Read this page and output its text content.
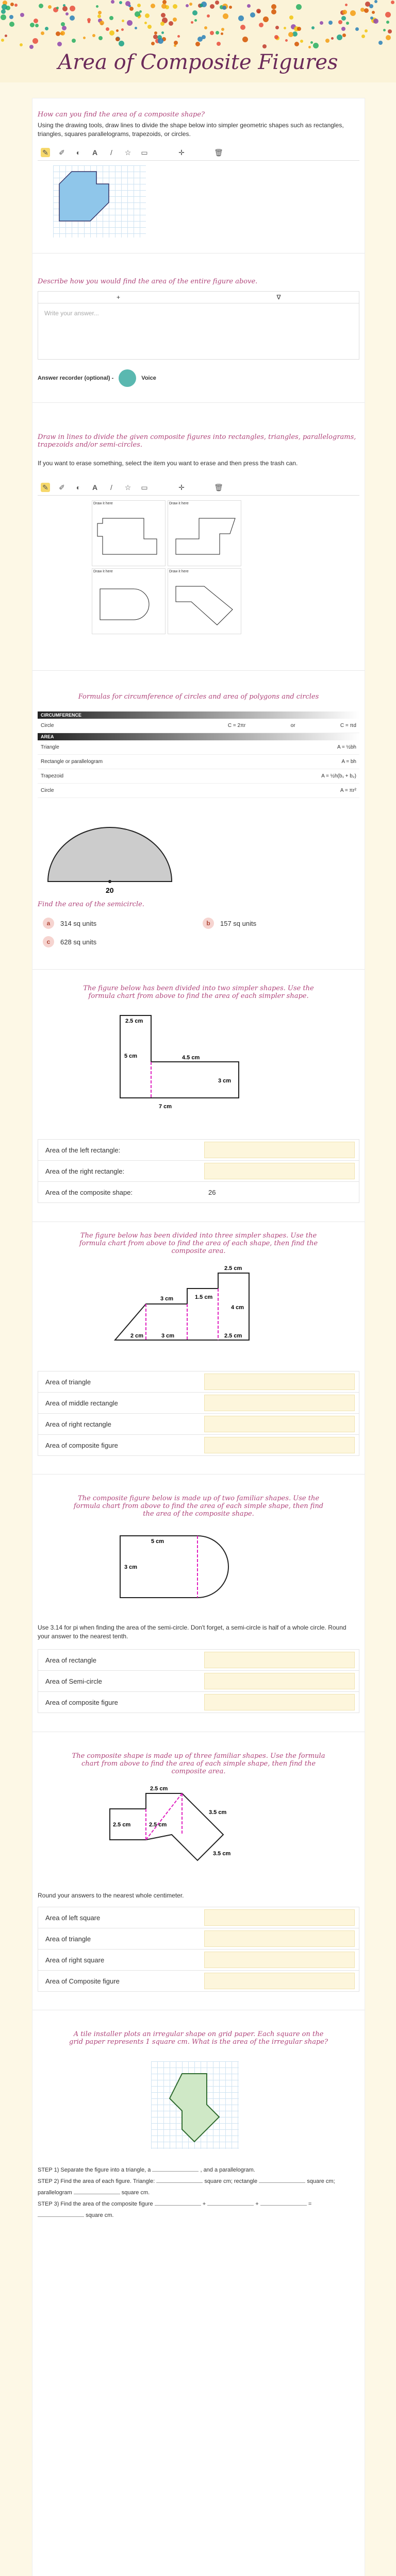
Area of Composite Figures
How can you find the area of a composite shape?
Using the drawing tools, draw lines to divide the shape below into simpler geometric shapes such as rectangles, triangles, squares parallelograms, trapezoids, or circles.
✎ ✐	◐	A	/	☆ ▭	✛	🗑
Describe how you would find the area of the entire figure above.
+	∇
Write your answer...
Answer recorder (optional) -	Voice
Draw in lines to divide the given composite figures into rectangles, triangles, parallelograms, trapezoids and/or semi-circles.
If you want to erase something, select the item you want to erase and then press the trash can.
✎ ✐	◐	A	/	☆ ▭	✛	🗑
Draw it here	Draw it here
Draw it here	Draw it here
Formulas for circumference of circles and area of polygons and circles
CIRCUMFERENCE
Circle	C = 2πr	or	C = πd
AREA
Triangle	A = ½bh
Rectangle or parallelogram	A = bh
Trapezoid	A = ½h(b₁ + b₂)
Circle	A = πr²
20
Find the area of the semicircle.
a	314 sq units	b	157 sq units
c	628 sq units
The figure below has been divided into two simpler shapes. Use the formula chart from above to find the area of each simpler shape.
2.5 cm
5 cm	4.5 cm
3 cm
7 cm
Area of the left rectangle:
Area of the right rectangle:
Area of the composite shape:	26
The figure below has been divided into three simpler shapes. Use the formula chart from above to find the area of each shape, then find the composite area.
2.5 cm
3 cm	1.5 cm
4 cm
2 cm	3 cm	2.5 cm
Area of triangle
Area of middle rectangle
Area of right rectangle
Area of composite figure
The composite figure below is made up of two familiar shapes. Use the formula chart from above to find the area of each simple shape, then find the area of the composite shape.
5 cm
3 cm
Use 3.14 for pi when finding the area of the semi-circle. Don't forget, a semi-circle is half of a whole circle. Round your answer to the nearest tenth.
Area of rectangle
Area of Semi-circle
Area of composite figure
The composite shape is made up of three familiar shapes. Use the formula chart from above to find the area of each simple shape, then find the composite area.
2.5 cm
2.5 cm	2.5 cm
3.5 cm
3.5 cm
Round your answers to the nearest whole centimeter.
Area of left square
Area of triangle
Area of right square
Area of Composite figure
A tile installer plots an irregular shape on grid paper. Each square on the grid paper represents 1 square cm. What is the area of the irregular shape?
STEP 1) Separate the figure into a triangle, a	, and a parallelogram.
STEP 2) Find the area of each figure. Triangle:	square cm; rectangle	square cm; parallelogram	square cm.
STEP 3) Find the area of the composite figure	+	+	=  square cm.
